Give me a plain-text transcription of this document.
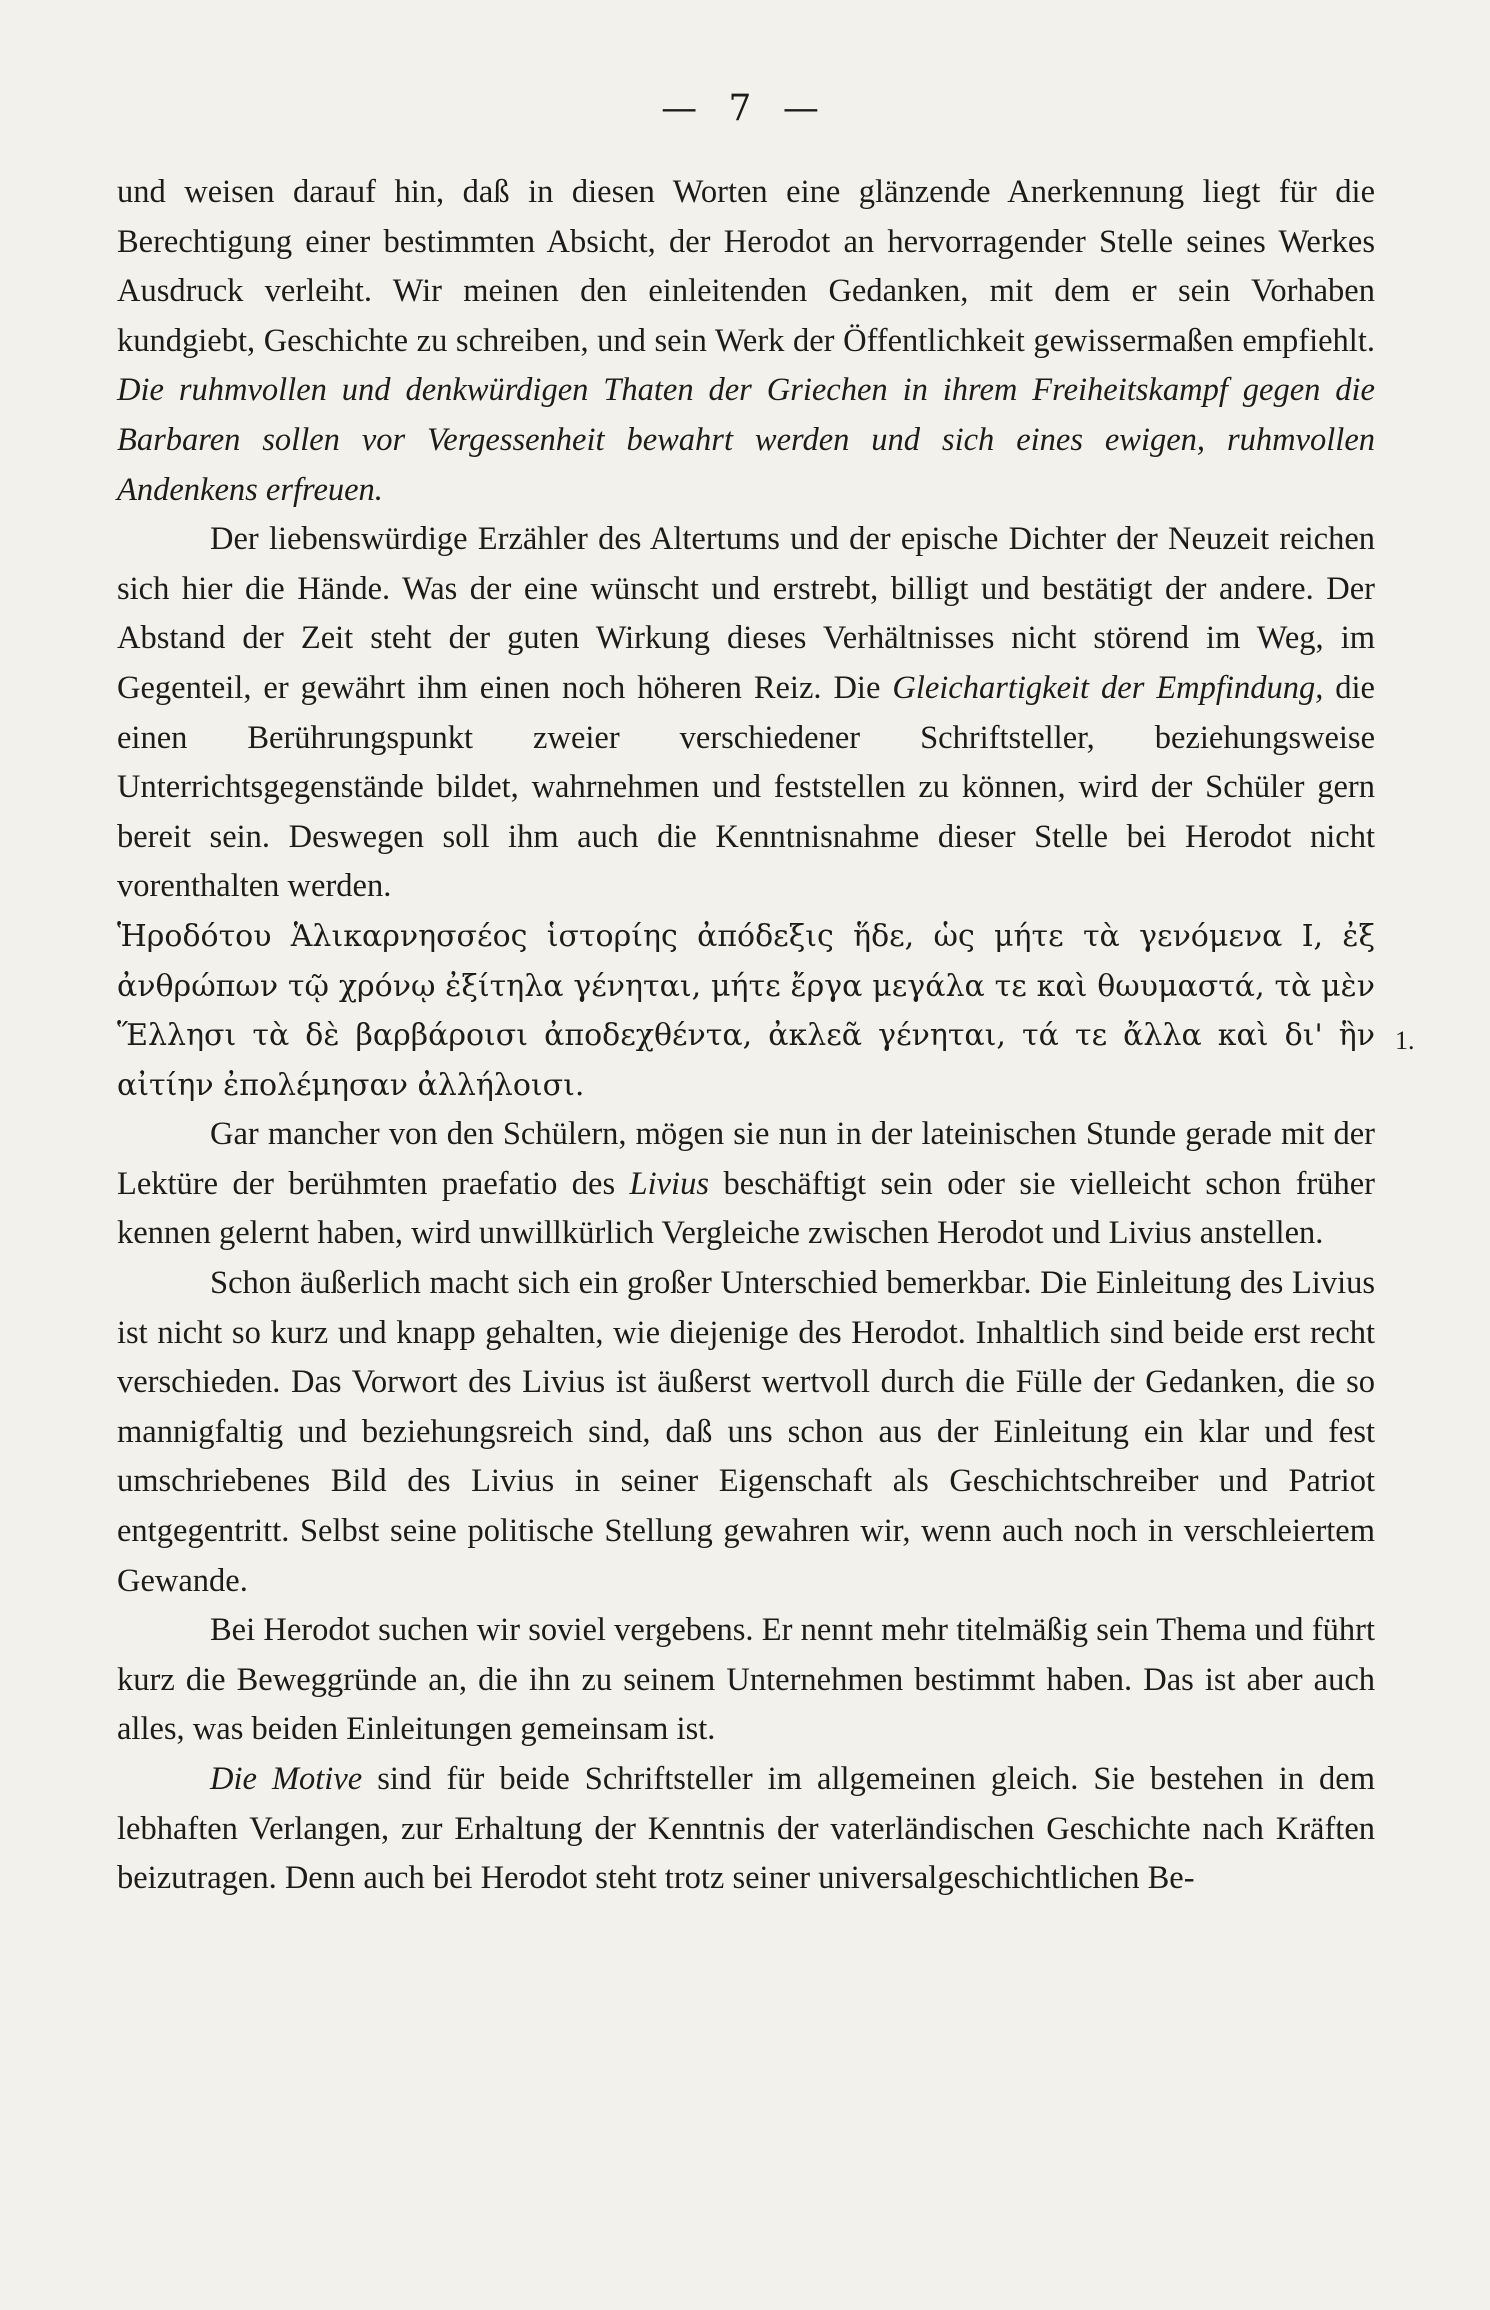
— 7 —
1.

und weisen darauf hin, daß in diesen Worten eine glänzende Anerkennung liegt für die Berechtigung einer bestimmten Absicht, der Herodot an hervorragender Stelle seines Werkes Ausdruck verleiht. Wir meinen den einleitenden Gedanken, mit dem er sein Vorhaben kundgiebt, Geschichte zu schreiben, und sein Werk der Öffentlichkeit gewissermaßen empfiehlt. Die ruhmvollen und denkwürdigen Thaten der Griechen in ihrem Freiheitskampf gegen die Barbaren sollen vor Vergessenheit bewahrt werden und sich eines ewigen, ruhmvollen Andenkens erfreuen.

Der liebenswürdige Erzähler des Altertums und der epische Dichter der Neuzeit reichen sich hier die Hände. Was der eine wünscht und erstrebt, billigt und bestätigt der andere. Der Abstand der Zeit steht der guten Wirkung dieses Verhältnisses nicht störend im Weg, im Gegenteil, er gewährt ihm einen noch höheren Reiz. Die Gleichartigkeit der Empfindung, die einen Berührungspunkt zweier verschiedener Schriftsteller, beziehungsweise Unterrichtsgegenstände bildet, wahrnehmen und feststellen zu können, wird der Schüler gern bereit sein. Deswegen soll ihm auch die Kenntnisnahme dieser Stelle bei Herodot nicht vorenthalten werden.

Ἡροδότου Ἁλικαρνησσέος ἱστορίης ἀπόδεξις ἥδε, ὡς μήτε τὰ γενόμενα I, ἐξ ἀνθρώπων τῷ χρόνῳ ἐξίτηλα γένηται, μήτε ἔργα μεγάλα τε καὶ θωυμαστά, τὰ μὲν Ἕλλησι τὰ δὲ βαρβάροισι ἀποδεχθέντα, ἀκλεᾶ γένηται, τά τε ἄλλα καὶ δι' ἣν αἰτίην ἐπολέμησαν ἀλλήλοισι.

Gar mancher von den Schülern, mögen sie nun in der lateinischen Stunde gerade mit der Lektüre der berühmten praefatio des Livius beschäftigt sein oder sie vielleicht schon früher kennen gelernt haben, wird unwillkürlich Vergleiche zwischen Herodot und Livius anstellen.

Schon äußerlich macht sich ein großer Unterschied bemerkbar. Die Einleitung des Livius ist nicht so kurz und knapp gehalten, wie diejenige des Herodot. Inhaltlich sind beide erst recht verschieden. Das Vorwort des Livius ist äußerst wertvoll durch die Fülle der Gedanken, die so mannigfaltig und beziehungsreich sind, daß uns schon aus der Einleitung ein klar und fest umschriebenes Bild des Livius in seiner Eigenschaft als Geschichtschreiber und Patriot entgegentritt. Selbst seine politische Stellung gewahren wir, wenn auch noch in verschleiertem Gewande.

Bei Herodot suchen wir soviel vergebens. Er nennt mehr titelmäßig sein Thema und führt kurz die Beweggründe an, die ihn zu seinem Unternehmen bestimmt haben. Das ist aber auch alles, was beiden Einleitungen gemeinsam ist.

Die Motive sind für beide Schriftsteller im allgemeinen gleich. Sie bestehen in dem lebhaften Verlangen, zur Erhaltung der Kenntnis der vaterländischen Geschichte nach Kräften beizutragen. Denn auch bei Herodot steht trotz seiner universalgeschichtlichen Be-
